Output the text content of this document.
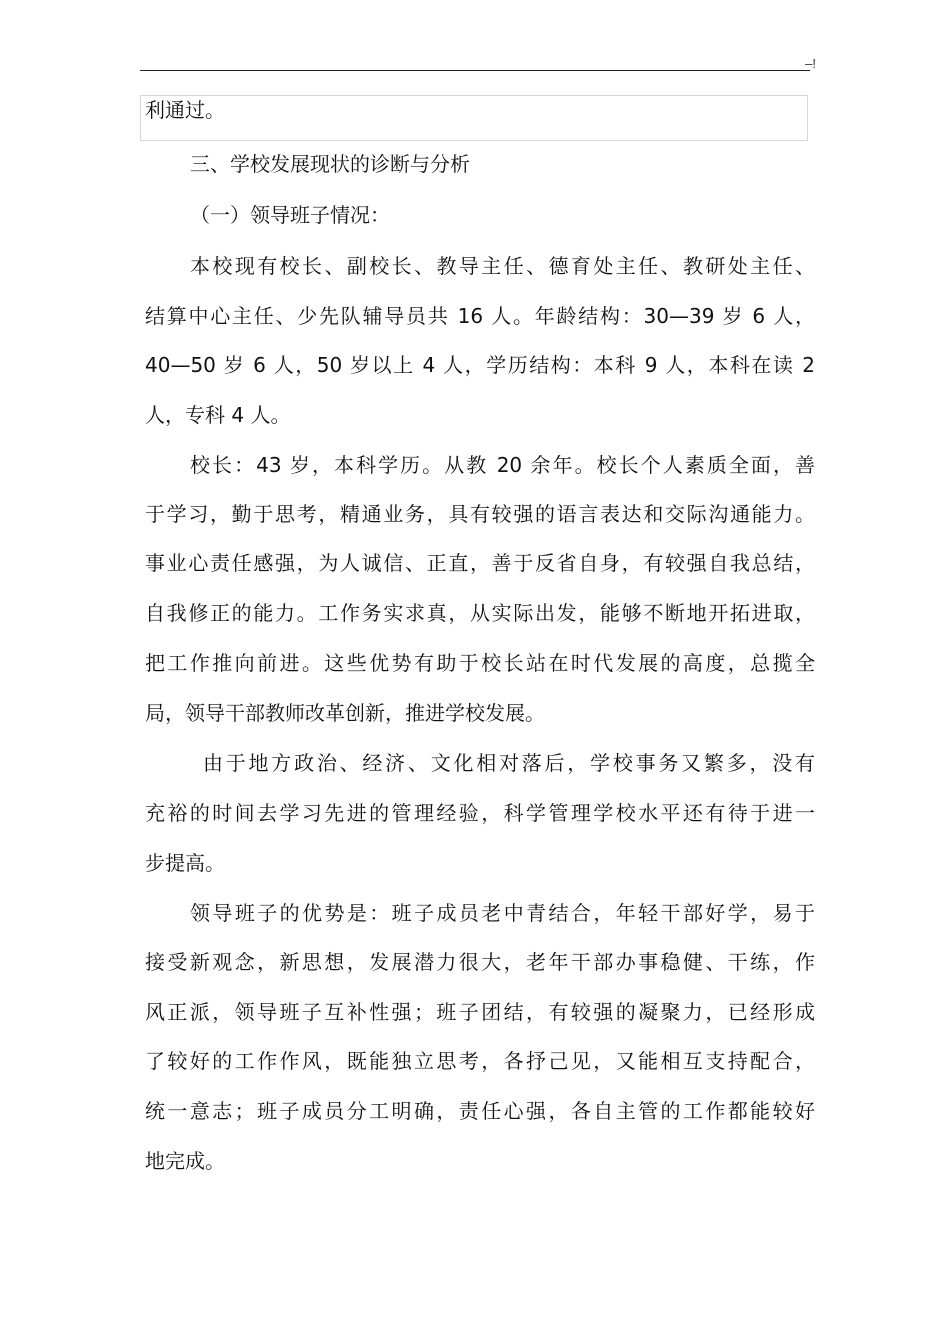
–!
利通过。
三、学校发展现状的诊断与分析
（一）领导班子情况：
本校现有校长、副校长、教导主任、德育处主任、教研处主任、
结算中心主任、少先队辅导员共 16 人。年龄结构：30—39 岁 6 人，
40—50 岁 6 人，50 岁以上 4 人，学历结构：本科 9 人，本科在读 2
人，专科 4 人。
校长：43 岁，本科学历。从教 20 余年。校长个人素质全面，善
于学习，勤于思考，精通业务，具有较强的语言表达和交际沟通能力。
事业心责任感强，为人诚信、正直，善于反省自身，有较强自我总结，
自我修正的能力。工作务实求真，从实际出发，能够不断地开拓进取，
把工作推向前进。这些优势有助于校长站在时代发展的高度，总揽全
局，领导干部教师改革创新，推进学校发展。
由于地方政治、经济、文化相对落后，学校事务又繁多，没有
充裕的时间去学习先进的管理经验，科学管理学校水平还有待于进一
步提高。
领导班子的优势是：班子成员老中青结合，年轻干部好学，易于
接受新观念，新思想，发展潜力很大，老年干部办事稳健、干练，作
风正派，领导班子互补性强；班子团结，有较强的凝聚力，已经形成
了较好的工作作风，既能独立思考，各抒己见，又能相互支持配合，
统一意志；班子成员分工明确，责任心强，各自主管的工作都能较好
地完成。
